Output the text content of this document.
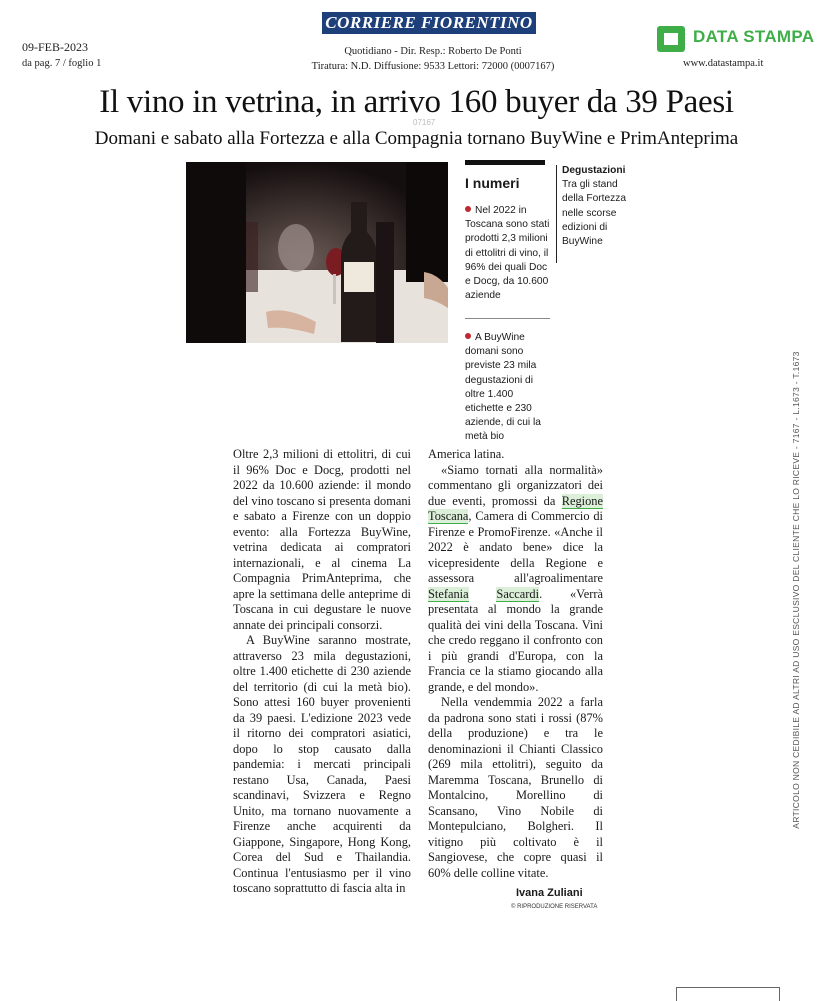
CORRIERE FIORENTINO
09-FEB-2023
da pag. 7 / foglio 1
Quotidiano - Dir. Resp.: Roberto De Ponti
Tiratura: N.D. Diffusione: 9533 Lettori: 72000 (0007167)
DATA STAMPA
www.datastampa.it
Il vino in vetrina, in arrivo 160 buyer da 39 Paesi
07167
Domani e sabato alla Fortezza e alla Compagnia tornano BuyWine e PrimAnteprima
I numeri
Nel 2022 in Toscana sono stati prodotti 2,3 milioni di ettolitri di vino, il 96% dei quali Doc e Docg, da 10.600 aziende
A BuyWine domani sono previste 23 mila degustazioni di oltre 1.400 etichette e 230 aziende, di cui la metà bio
Degustazioni
Tra gli stand della Fortezza nelle scorse edizioni di BuyWine

Oltre 2,3 milioni di ettolitri, di cui il 96% Doc e Docg, prodotti nel 2022 da 10.600 aziende: il mondo del vino toscano si presenta domani e sabato a Firenze con un doppio evento: alla Fortezza BuyWine, vetrina dedicata ai compratori internazionali, e al cinema La Compagnia PrimAnteprima, che apre la settimana delle anteprime di Toscana in cui degustare le nuove annate dei principali consorzi.

A BuyWine saranno mostrate, attraverso 23 mila degustazioni, oltre 1.400 etichette di 230 aziende del territorio (di cui la metà bio). Sono attesi 160 buyer provenienti da 39 paesi. L'edizione 2023 vede il ritorno dei compratori asiatici, dopo lo stop causato dalla pandemia: i mercati principali restano Usa, Canada, Paesi scandinavi, Svizzera e Regno Unito, ma tornano nuovamente a Firenze anche acquirenti da Giappone, Singapore, Hong Kong, Corea del Sud e Thailandia. Continua l'entusiasmo per il vino toscano soprattutto di fascia alta in

America latina.

«Siamo tornati alla normalità» commentano gli organizzatori dei due eventi, promossi da Regione Toscana, Camera di Commercio di Firenze e PromoFirenze. «Anche il 2022 è andato bene» dice la vicepresidente della Regione e assessora all'agroalimentare Stefania Saccardi. «Verrà presentata al mondo la grande qualità dei vini della Toscana. Vini che credo reggano il confronto con i più grandi d'Europa, con la Francia ce la stiamo giocando alla grande, e del mondo».

Nella vendemmia 2022 a farla da padrona sono stati i rossi (87% della produzione) e tra le denominazioni il Chianti Classico (269 mila ettolitri), seguito da Maremma Toscana, Brunello di Montalcino, Morellino di Scansano, Vino Nobile di Montepulciano, Bolgheri. Il vitigno più coltivato è il Sangiovese, che copre quasi il 60% delle colline vitate.

Ivana Zuliani
© RIPRODUZIONE RISERVATA
ARTICOLO NON CEDIBILE AD ALTRI AD USO ESCLUSIVO DEL CLIENTE CHE LO RICEVE - 7167 - L.1673 - T.1673
